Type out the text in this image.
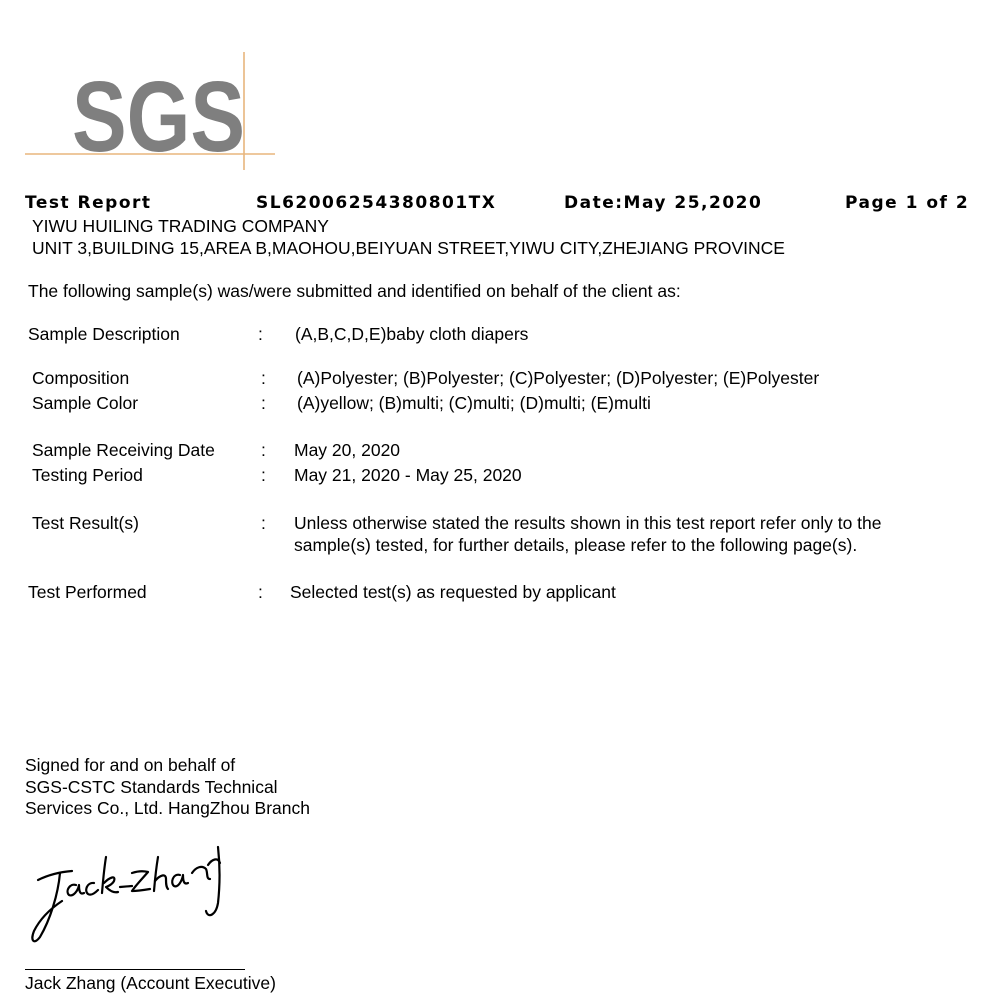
SGS
Test Report	SL62006254380801TX	Date:May 25,2020	Page 1 of 2
YIWU HUILING TRADING COMPANY
UNIT 3,BUILDING 15,AREA B,MAOHOU,BEIYUAN STREET,YIWU CITY,ZHEJIANG PROVINCE
The following sample(s) was/were submitted and identified on behalf of the client as:
Sample Description	: (A,B,C,D,E)baby cloth diapers
Composition	: (A)Polyester; (B)Polyester; (C)Polyester; (D)Polyester; (E)Polyester
Sample Color	: (A)yellow; (B)multi; (C)multi; (D)multi; (E)multi
Sample Receiving Date	: May 20, 2020
Testing Period	: May 21, 2020 - May 25, 2020
Test Result(s)	: Unless otherwise stated the results shown in this test report refer only to the
sample(s) tested, for further details, please refer to the following page(s).
Test Performed	: Selected test(s) as requested by applicant
Signed for and on behalf of
SGS-CSTC Standards Technical
Services Co., Ltd. HangZhou Branch
Jack Zhang (Account Executive)
